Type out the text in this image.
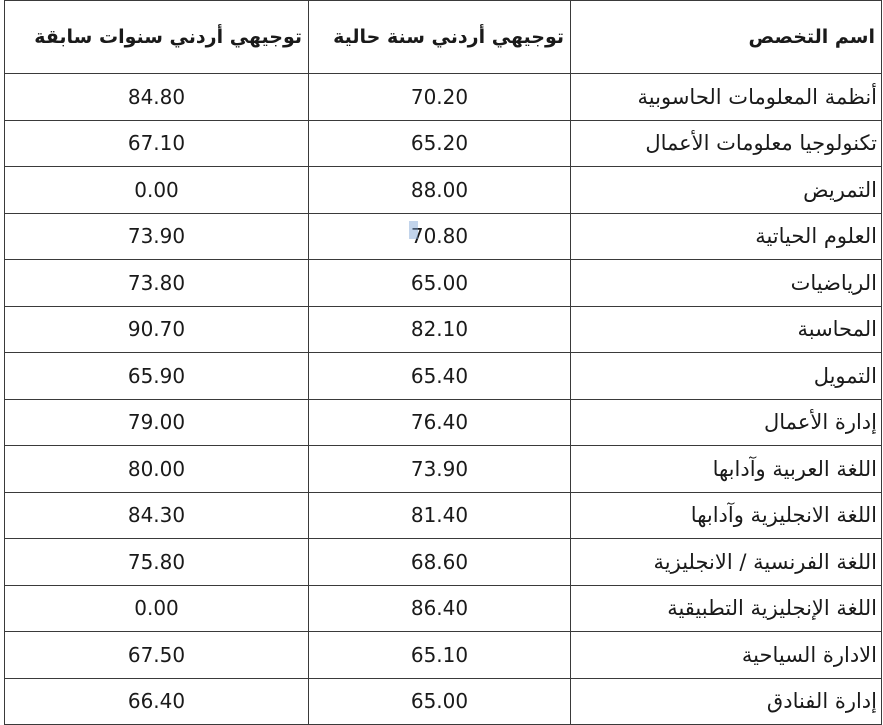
اسم التخصص	توجيهي أردني سنة حالية	توجيهي أردني سنوات سابقة
أنظمة المعلومات الحاسوبية	70.20	84.80
تكنولوجيا معلومات الأعمال	65.20	67.10
التمريض	88.00	0.00
العلوم الحياتية	70.80	73.90
الرياضيات	65.00	73.80
المحاسبة	82.10	90.70
التمويل	65.40	65.90
إدارة الأعمال	76.40	79.00
اللغة العربية وآدابها	73.90	80.00
اللغة الانجليزية وآدابها	81.40	84.30
اللغة الفرنسية / الانجليزية	68.60	75.80
اللغة الإنجليزية التطبيقية	86.40	0.00
الادارة السياحية	65.10	67.50
إدارة الفنادق	65.00	66.40
